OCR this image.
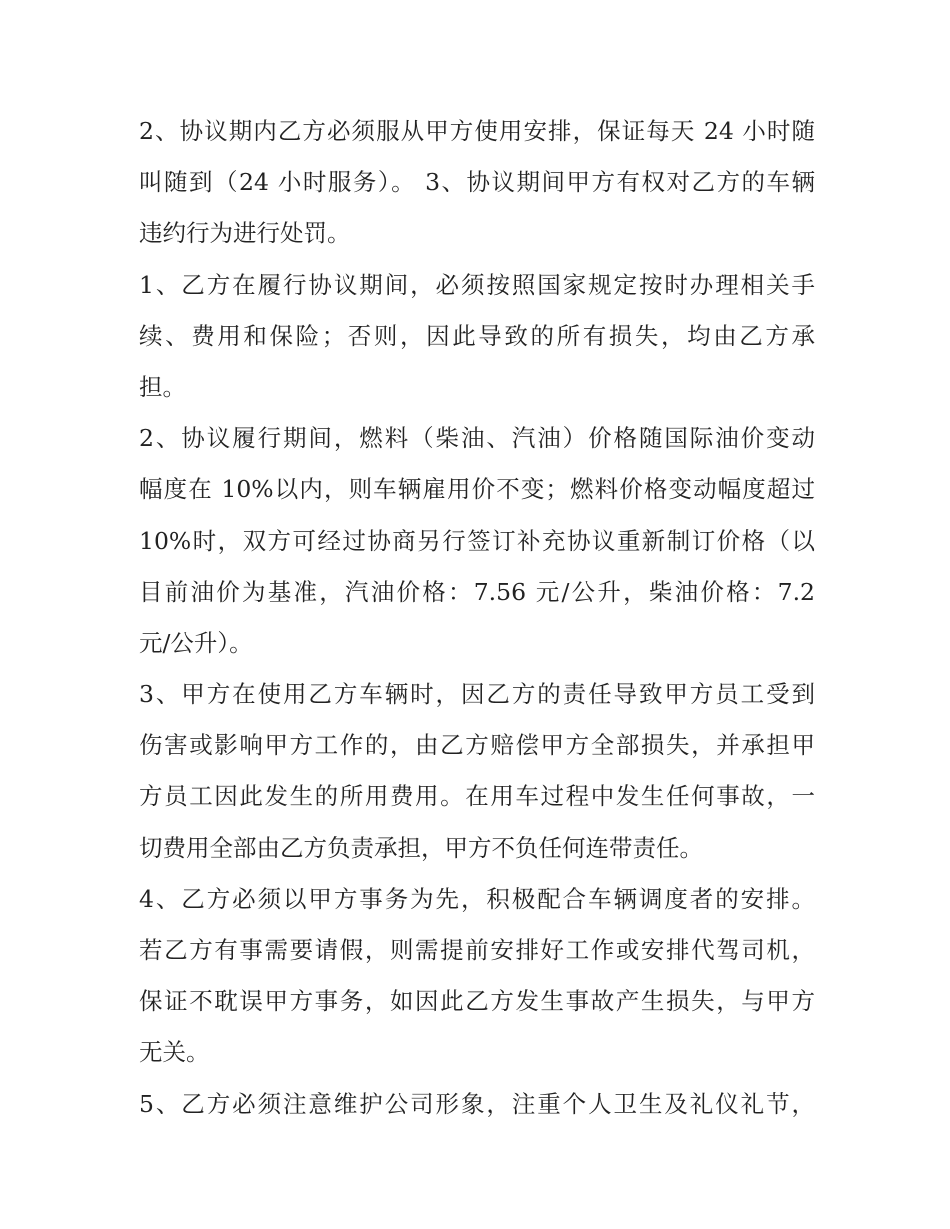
2、协议期内乙方必须服从甲方使用安排，保证每天 24 小时随
叫随到（24 小时服务）。 3、协议期间甲方有权对乙方的车辆
违约行为进行处罚。
1、乙方在履行协议期间，必须按照国家规定按时办理相关手
续、费用和保险；否则，因此导致的所有损失，均由乙方承
担。
2、协议履行期间，燃料（柴油、汽油）价格随国际油价变动
幅度在 10%以内，则车辆雇用价不变；燃料价格变动幅度超过
10%时，双方可经过协商另行签订补充协议重新制订价格（以
目前油价为基准，汽油价格：7.56 元/公升，柴油价格：7.2
元/公升）。
3、甲方在使用乙方车辆时，因乙方的责任导致甲方员工受到
伤害或影响甲方工作的，由乙方赔偿甲方全部损失，并承担甲
方员工因此发生的所用费用。在用车过程中发生任何事故，一
切费用全部由乙方负责承担，甲方不负任何连带责任。
4、乙方必须以甲方事务为先，积极配合车辆调度者的安排。
若乙方有事需要请假，则需提前安排好工作或安排代驾司机，
保证不耽误甲方事务，如因此乙方发生事故产生损失，与甲方
无关。
5、乙方必须注意维护公司形象，注重个人卫生及礼仪礼节，
